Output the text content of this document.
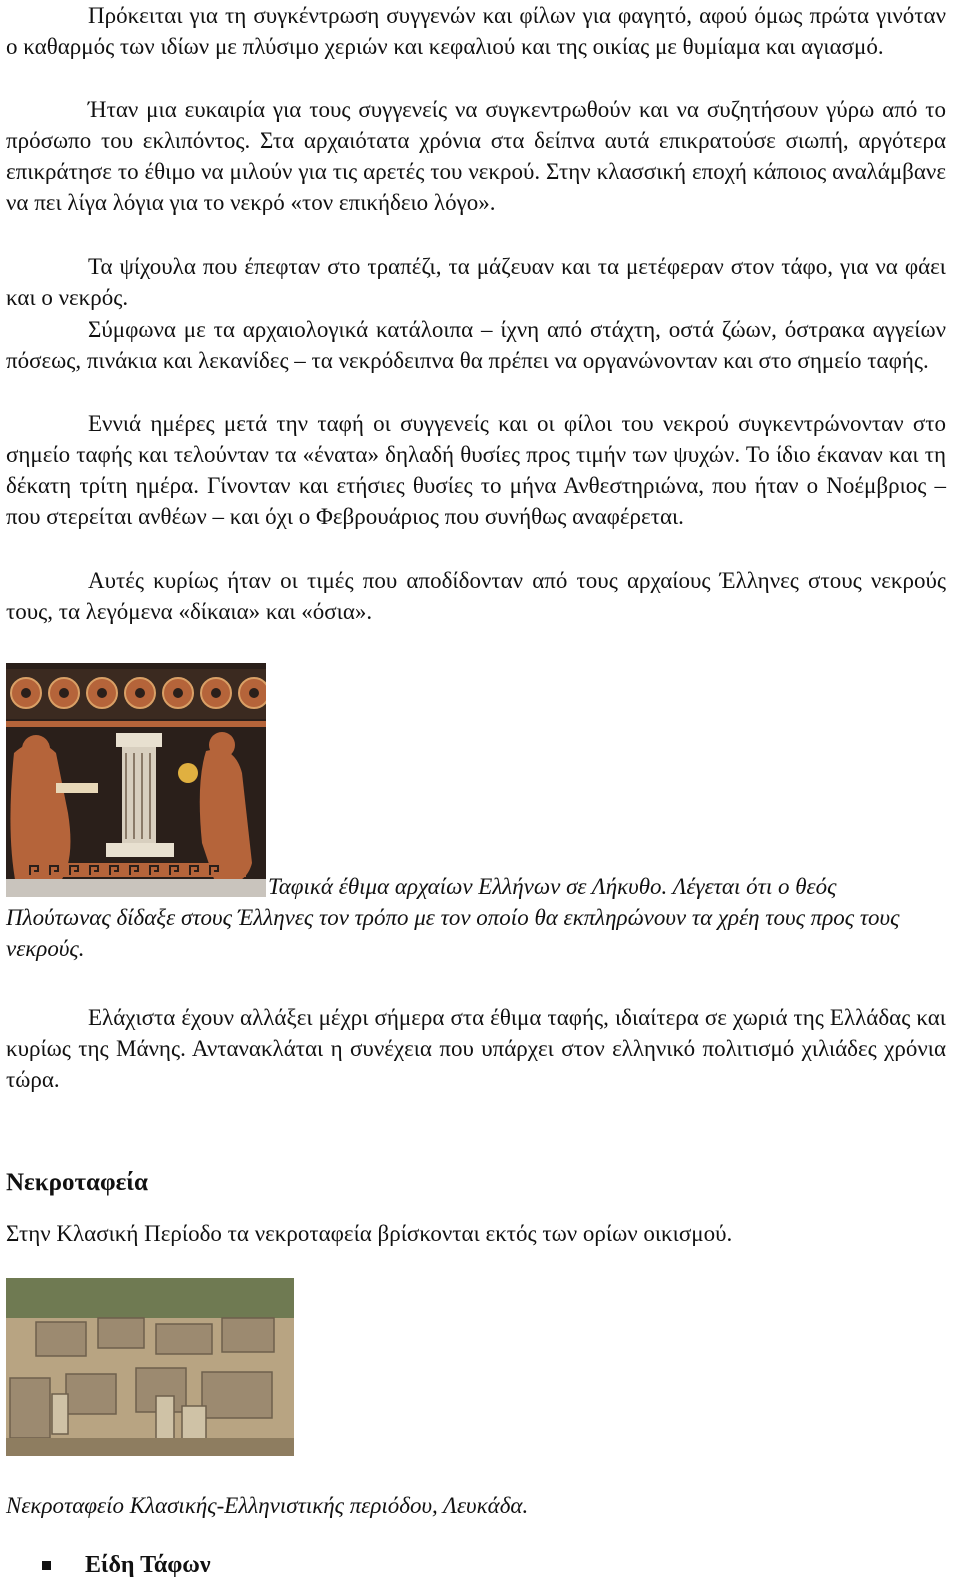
Πρόκειται για τη συγκέντρωση συγγενών και φίλων για φαγητό, αφού όμως πρώτα γινόταν ο καθαρμός των ιδίων με πλύσιμο χεριών και κεφαλιού και της οικίας με θυμίαμα και αγιασμό.

Ήταν μια ευκαιρία για τους συγγενείς να συγκεντρωθούν και να συζητήσουν γύρω από το πρόσωπο του εκλιπόντος. Στα αρχαιότατα χρόνια στα δείπνα αυτά επικρατούσε σιωπή, αργότερα επικράτησε το έθιμο να μιλούν για τις αρετές του νεκρού. Στην κλασσική εποχή κάποιος αναλάμβανε να πει λίγα λόγια για το νεκρό «τον επικήδειο λόγο».

Τα ψίχουλα που έπεφταν στο τραπέζι, τα μάζευαν και τα μετέφεραν στον τάφο, για να φάει και ο νεκρός.

Σύμφωνα με τα αρχαιολογικά κατάλοιπα – ίχνη από στάχτη, οστά ζώων, όστρακα αγγείων πόσεως, πινάκια και λεκανίδες – τα νεκρόδειπνα θα πρέπει να οργανώνονταν και στο σημείο ταφής.

Εννιά ημέρες μετά την ταφή οι συγγενείς και οι φίλοι του νεκρού συγκεντρώνονταν στο σημείο ταφής και τελούνταν τα «ένατα» δηλαδή θυσίες προς τιμήν των ψυχών. Το ίδιο έκαναν και τη δέκατη τρίτη ημέρα. Γίνονταν και ετήσιες θυσίες το μήνα Ανθεστηριώνα, που ήταν ο Νοέμβριος – που στερείται ανθέων – και όχι ο Φεβρουάριος που συνήθως αναφέρεται.

Αυτές κυρίως ήταν οι τιμές που αποδίδονταν από τους αρχαίους Έλληνες στους νεκρούς τους, τα λεγόμενα «δίκαια» και «όσια».

Ταφικά έθιμα αρχαίων Ελλήνων σε Λήκυθο. Λέγεται ότι ο θεός Πλούτωνας δίδαξε στους Έλληνες τον τρόπο με τον οποίο θα εκπληρώνουν τα χρέη τους προς τους νεκρούς.

Ελάχιστα έχουν αλλάξει μέχρι σήμερα στα έθιμα ταφής, ιδιαίτερα σε χωριά της Ελλάδας και κυρίως της Μάνης. Αντανακλάται η συνέχεια που υπάρχει στον ελληνικό πολιτισμό χιλιάδες χρόνια τώρα.

Νεκροταφεία

Στην Κλασική Περίοδο τα νεκροταφεία βρίσκονται εκτός των ορίων οικισμού.

Νεκροταφείο Κλασικής-Ελληνιστικής περιόδου, Λευκάδα.

Είδη Τάφων
